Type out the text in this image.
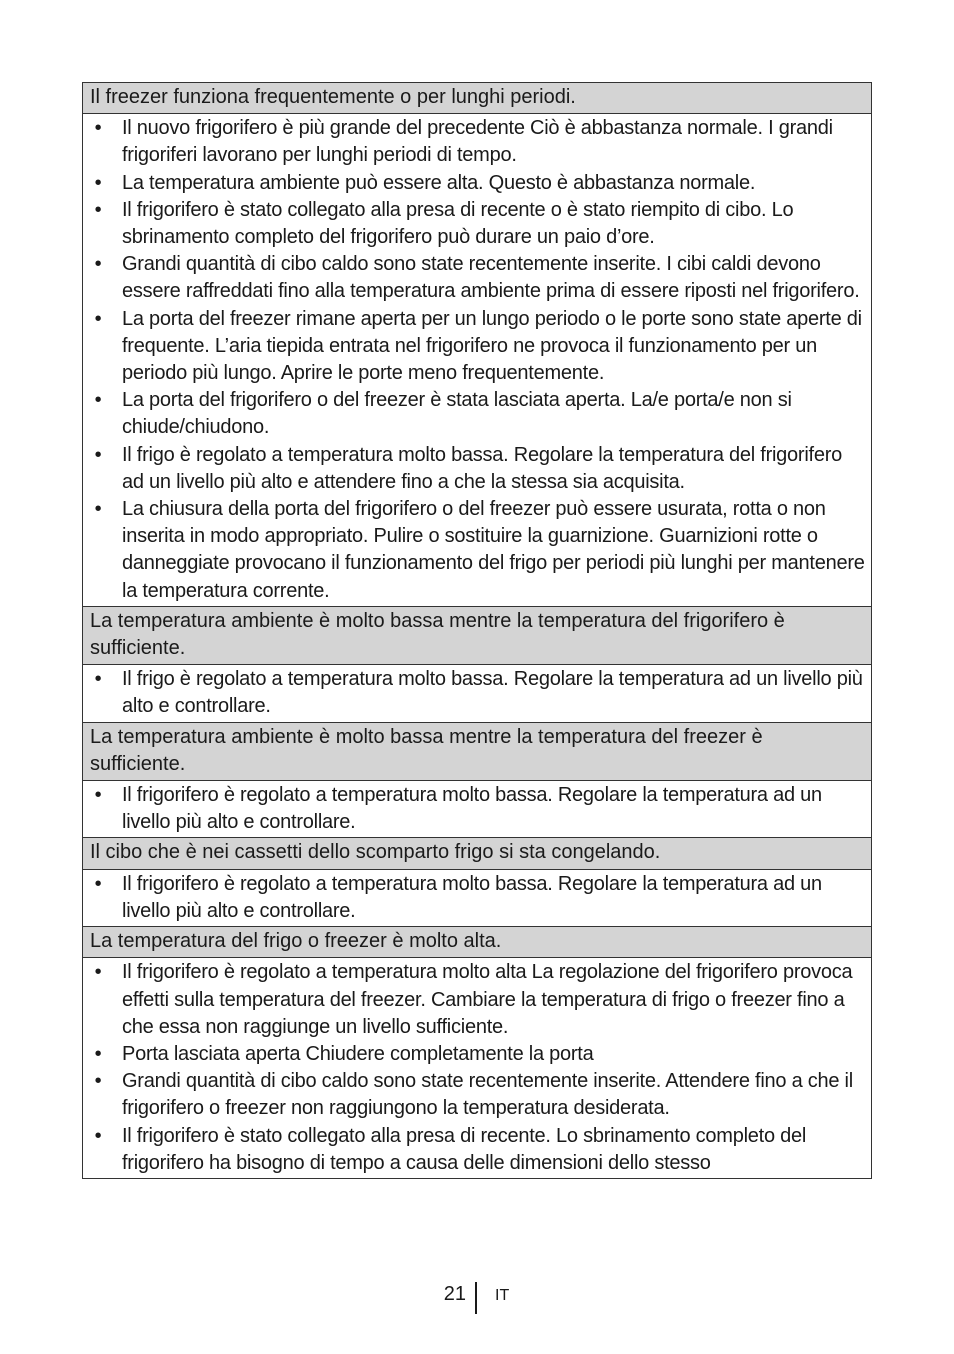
Il freezer funziona frequentemente o per lunghi periodi.
• Il nuovo frigorifero è più grande del precedente Ciò è abbastanza normale. I grandi frigoriferi lavorano per lunghi periodi di tempo.
• La temperatura ambiente può essere alta. Questo è abbastanza normale.
• Il frigorifero è stato collegato alla presa di recente o è stato riempito di cibo. Lo sbrinamento completo del frigorifero può durare un paio d’ore.
• Grandi quantità di cibo caldo sono state recentemente inserite. I cibi caldi devono essere raffreddati fino alla temperatura ambiente prima di essere riposti nel frigorifero.
• La porta del freezer rimane aperta per un lungo periodo o le porte sono state aperte di frequente. L’aria tiepida entrata nel frigorifero ne provoca il funzionamento per un periodo più lungo. Aprire le porte meno frequentemente.
• La porta del frigorifero o del freezer è stata lasciata aperta. La/e porta/e non si chiude/chiudono.
• Il frigo è regolato a temperatura molto bassa. Regolare la temperatura del frigorifero ad un livello più alto e attendere fino a che la stessa sia acquisita.
• La chiusura della porta del frigorifero o del freezer può essere usurata, rotta o non inserita in modo appropriato. Pulire o sostituire la guarnizione. Guarnizioni rotte o danneggiate provocano il funzionamento del frigo per periodi più lunghi per mantenere la temperatura corrente.
La temperatura ambiente è molto bassa mentre la temperatura del frigorifero è sufficiente.
• Il frigo è regolato a temperatura molto bassa. Regolare la temperatura ad un livello più alto e controllare.
La temperatura ambiente è molto bassa mentre la temperatura del freezer è sufficiente.
• Il frigorifero è regolato a temperatura molto bassa. Regolare la temperatura ad un livello più alto e controllare.
Il cibo che è nei cassetti dello scomparto frigo si sta congelando.
• Il frigorifero è regolato a temperatura molto bassa. Regolare la temperatura ad un livello più alto e controllare.
La temperatura del frigo o freezer è molto alta.
• Il frigorifero è regolato a temperatura molto alta La regolazione del frigorifero provoca effetti sulla temperatura del freezer. Cambiare la temperatura di frigo o freezer fino a che essa non raggiunge un livello sufficiente.
• Porta lasciata aperta Chiudere completamente la porta
• Grandi quantità di cibo caldo sono state recentemente inserite. Attendere fino a che il frigorifero o freezer non raggiungono la temperatura desiderata.
• Il frigorifero è stato collegato alla presa di recente. Lo sbrinamento completo del frigorifero ha bisogno di tempo a causa delle dimensioni dello stesso
21 IT
